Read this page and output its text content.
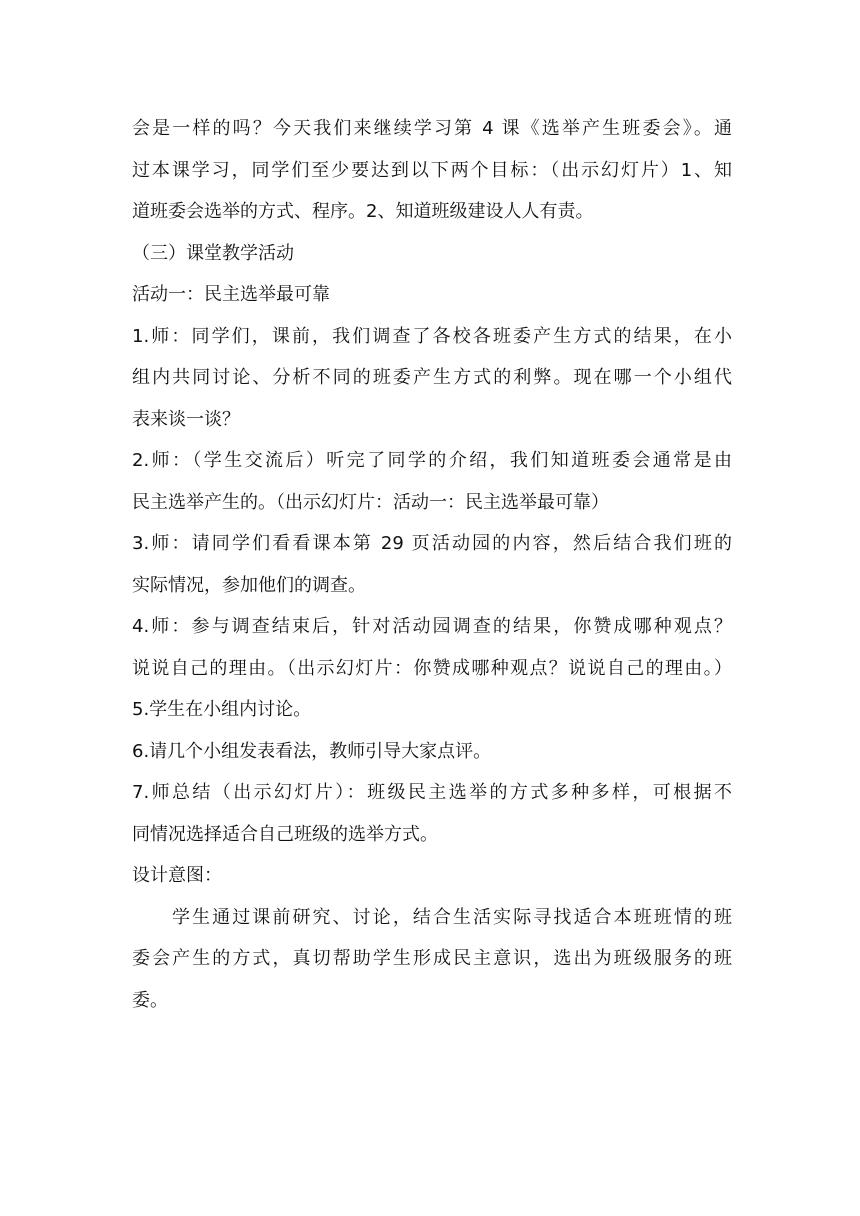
会是一样的吗？今天我们来继续学习第 4 课《选举产生班委会》。通
过本课学习，同学们至少要达到以下两个目标：（出示幻灯片）1、知
道班委会选举的方式、程序。2、知道班级建设人人有责。
（三）课堂教学活动
活动一：民主选举最可靠
1.师：同学们，课前，我们调查了各校各班委产生方式的结果，在小
组内共同讨论、分析不同的班委产生方式的利弊。现在哪一个小组代
表来谈一谈？
2.师：（学生交流后）听完了同学的介绍，我们知道班委会通常是由
民主选举产生的。（出示幻灯片：活动一：民主选举最可靠）
3.师：请同学们看看课本第 29 页活动园的内容，然后结合我们班的
实际情况，参加他们的调查。
4.师：参与调查结束后，针对活动园调查的结果，你赞成哪种观点？
说说自己的理由。（出示幻灯片：你赞成哪种观点？说说自己的理由。）
5.学生在小组内讨论。
6.请几个小组发表看法，教师引导大家点评。
7.师总结（出示幻灯片）：班级民主选举的方式多种多样，可根据不
同情况选择适合自己班级的选举方式。
设计意图：
学生通过课前研究、讨论，结合生活实际寻找适合本班班情的班
委会产生的方式，真切帮助学生形成民主意识，选出为班级服务的班
委。
